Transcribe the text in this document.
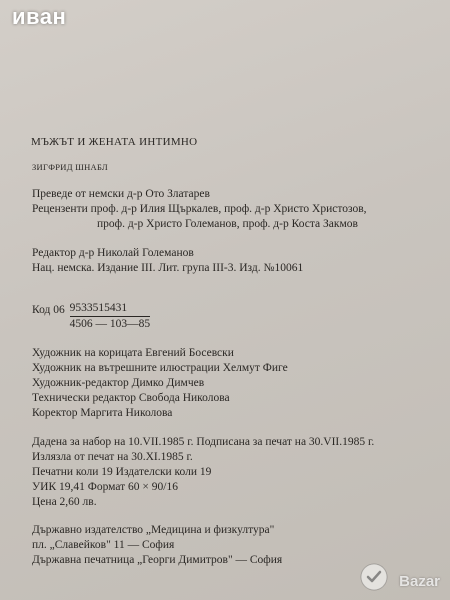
иван
МЪЖЪТ И ЖЕНАТА ИНТИМНО
ЗИГФРИД ШНАБЛ
Преведе от немски д-р Ото Златарев
Рецензенти проф. д-р Илия Щъркалев, проф. д-р Христо Христозов,
проф. д-р Христо Големанов, проф. д-р Коста Закмов
Редактор д-р Николай Големанов
Нац. немска. Издание III. Лит. група III-3. Изд. №10061
Код $06 \frac{9533515431}{4506 — 103—85}$
Художник на корицата Евгений Босевски
Художник на вътрешните илюстрации Хелмут Фиге
Художник-редактор Димко Димчев
Технически редактор Свобода Николова
Коректор Маргита Николова
Дадена за набор на 10.VII.1985 г. Подписана за печат на 30.VII.1985 г.
Излязла от печат на 30.XI.1985 г.
Печатни коли 19 Издателски коли 19
УИК 19,41 Формат 60 × 90/16
Цена 2,60 лв.
Държавно издателство „Медицина и физкултура"
пл. „Славейков" 11 — София
Държавна печатница „Георги Димитров" — София
Bazar
